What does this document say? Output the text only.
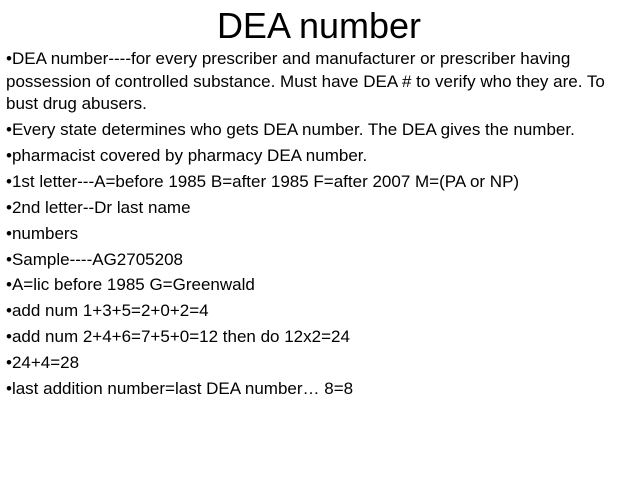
DEA number
•DEA number----for every prescriber and manufacturer or prescriber having possession of controlled substance. Must have DEA # to verify who they are. To bust drug abusers.
•Every state determines who gets DEA number. The DEA gives the number.
•pharmacist covered by pharmacy DEA number.
•1st letter---A=before 1985 B=after 1985 F=after 2007 M=(PA or NP)
•2nd letter--Dr last name
•numbers
•Sample----AG2705208
•A=lic before 1985 G=Greenwald
•add num 1+3+5=2+0+2=4
•add num 2+4+6=7+5+0=12 then do 12x2=24
•24+4=28
•last addition number=last DEA number… 8=8
